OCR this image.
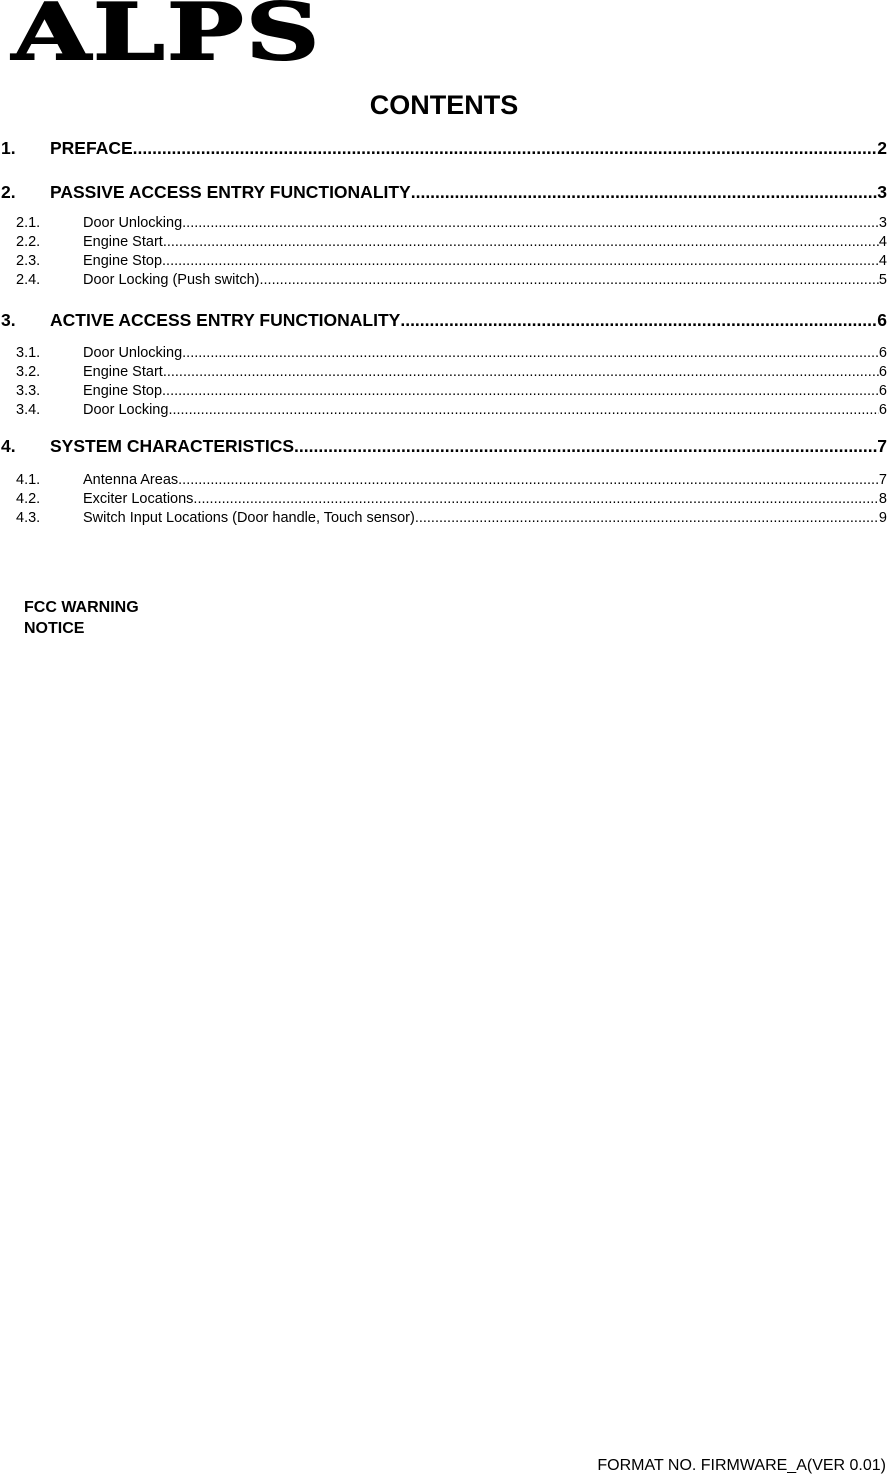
ALPS
CONTENTS
1.	PREFACE .....	2
2.	PASSIVE ACCESS ENTRY FUNCTIONALITY .....	3
2.1.	Door Unlocking .....	3
2.2.	Engine Start .....	4
2.3.	Engine Stop .....	4
2.4.	Door Locking (Push switch) .....	5
3.	ACTIVE ACCESS ENTRY FUNCTIONALITY .....	6
3.1.	Door Unlocking .....	6
3.2.	Engine Start .....	6
3.3.	Engine Stop .....	6
3.4.	Door Locking .....	6
4.	SYSTEM CHARACTERISTICS .....	7
4.1.	Antenna Areas .....	7
4.2.	Exciter Locations .....	8
4.3.	Switch Input Locations (Door handle, Touch sensor) .....	9
FCC WARNING
NOTICE
FORMAT NO. FIRMWARE_A(VER 0.01)
